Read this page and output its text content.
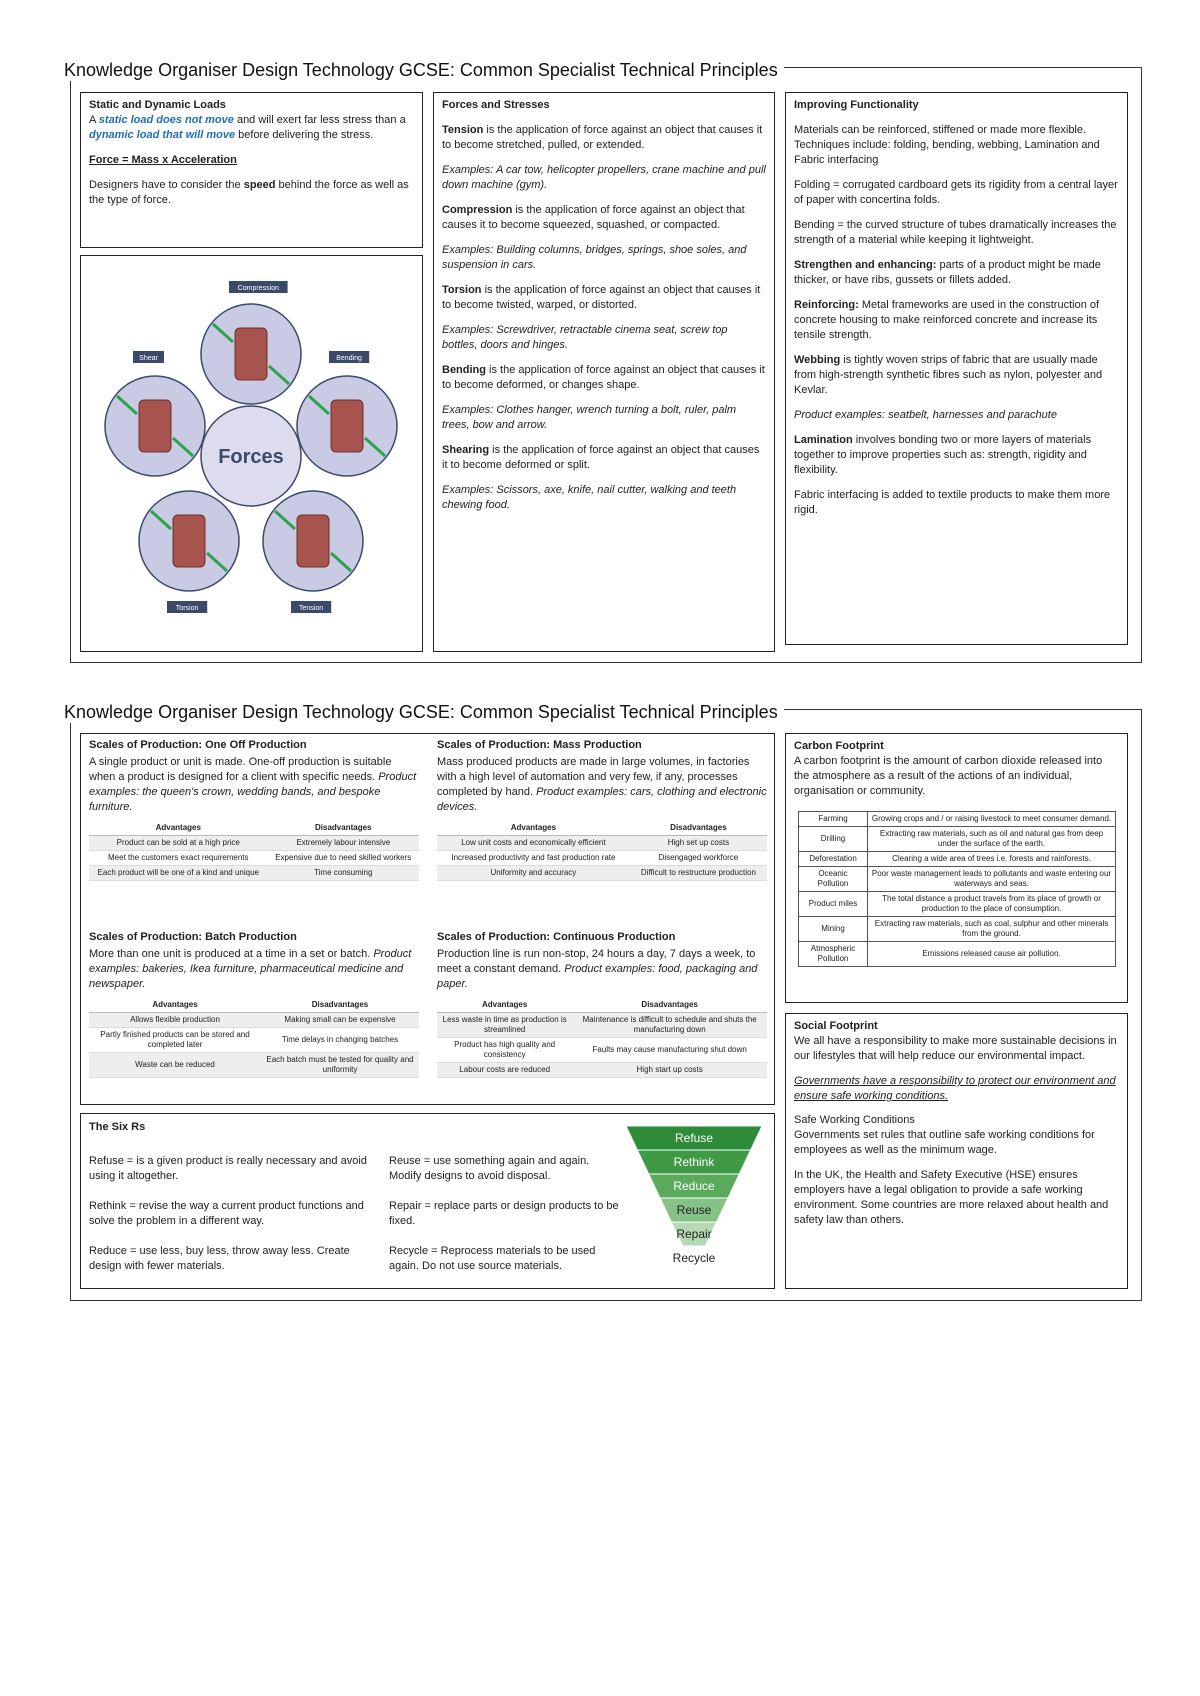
Knowledge Organiser Design Technology GCSE: Common Specialist Technical Principles
Static and Dynamic Loads

A static load does not move and will exert far less stress than a dynamic load that will move before delivering the stress.

Force = Mass x Acceleration

Designers have to consider the speed behind the force as well as the type of force.

Forces
Compression
Bending
Tension
Torsion
Shear
Forces and Stresses

Tension is the application of force against an object that causes it to become stretched, pulled, or extended.

Examples: A car tow, helicopter propellers, crane machine and pull down machine (gym).

Compression is the application of force against an object that causes it to become squeezed, squashed, or compacted.

Examples: Building columns, bridges, springs, shoe soles, and suspension in cars.

Torsion is the application of force against an object that causes it to become twisted, warped, or distorted.

Examples: Screwdriver, retractable cinema seat, screw top bottles, doors and hinges.

Bending is the application of force against an object that causes it to become deformed, or changes shape.

Examples: Clothes hanger, wrench turning a bolt, ruler, palm trees, bow and arrow.

Shearing is the application of force against an object that causes it to become deformed or split.

Examples: Scissors, axe, knife, nail cutter, walking and teeth chewing food.

Improving Functionality

Materials can be reinforced, stiffened or made more flexible. Techniques include: folding, bending, webbing, Lamination and Fabric interfacing

Folding = corrugated cardboard gets its rigidity from a central layer of paper with concertina folds.

Bending = the curved structure of tubes dramatically increases the strength of a material while keeping it lightweight.

Strengthen and enhancing: parts of a product might be made thicker, or have ribs, gussets or fillets added.

Reinforcing: Metal frameworks are used in the construction of concrete housing to make reinforced concrete and increase its tensile strength.

Webbing is tightly woven strips of fabric that are usually made from high-strength synthetic fibres such as nylon, polyester and Kevlar.

Product examples: seatbelt, harnesses and parachute

Lamination involves bonding two or more layers of materials together to improve properties such as: strength, rigidity and flexibility.

Fabric interfacing is added to textile products to make them more rigid.

Knowledge Organiser Design Technology GCSE: Common Specialist Technical Principles
Scales of Production: One Off Production

A single product or unit is made. One-off production is suitable when a product is designed for a client with specific needs. Product examples: the queen's crown, wedding bands, and bespoke furniture.

Advantages	Disadvantages
Product can be sold at a high price	Extremely labour intensive
Meet the customers exact requirements	Expensive due to need skilled workers
Each product will be one of a kind and unique	Time consuming
Scales of Production: Mass Production

Mass produced products are made in large volumes, in factories with a high level of automation and very few, if any, processes completed by hand. Product examples: cars, clothing and electronic devices.

Advantages	Disadvantages
Low unit costs and economically efficient	High set up costs
Increased productivity and fast production rate	Disengaged workforce
Uniformity and accuracy	Difficult to restructure production
Scales of Production: Batch Production

More than one unit is produced at a time in a set or batch. Product examples: bakeries, Ikea furniture, pharmaceutical medicine and newspaper.

Advantages	Disadvantages
Allows flexible production	Making small can be expensive
Partly finished products can be stored and completed later	Time delays in changing batches
Waste can be reduced	Each batch must be tested for quality and uniformity
Scales of Production: Continuous Production

Production line is run non-stop, 24 hours a day, 7 days a week, to meet a constant demand. Product examples: food, packaging and paper.

Advantages	Disadvantages
Less waste in time as production is streamlined	Maintenance is difficult to schedule and shuts the manufacturing down
Product has high quality and consistency	Faults may cause manufacturing shut down
Labour costs are reduced	High start up costs
The Six Rs

Refuse = is a given product is really necessary and avoid using it altogether.

Rethink = revise the way a current product functions and solve the problem in a different way.

Reduce = use less, buy less, throw away less. Create design with fewer materials.

Reuse = use something again and again. Modify designs to avoid disposal.

Repair = replace parts or design products to be fixed.

Recycle = Reprocess materials to be used again. Do not use source materials.

Refuse
Rethink
Reduce
Reuse
Repair
Recycle
Carbon Footprint

A carbon footprint is the amount of carbon dioxide released into the atmosphere as a result of the actions of an individual, organisation or community.

Farming	Growing crops and / or raising livestock to meet consumer demand.
Drilling	Extracting raw materials, such as oil and natural gas from deep under the surface of the earth.
Deforestation	Clearing a wide area of trees i.e. forests and rainforests.
Oceanic Pollution	Poor waste management leads to pollutants and waste entering our waterways and seas.
Product miles	The total distance a product travels from its place of growth or production to the place of consumption.
Mining	Extracting raw materials, such as coal, sulphur and other minerals from the ground.
Atmospheric Pollution	Emissions released cause air pollution.
Social Footprint

We all have a responsibility to make more sustainable decisions in our lifestyles that will help reduce our environmental impact.

Governments have a responsibility to protect our environment and ensure safe working conditions.

Safe Working Conditions

Governments set rules that outline safe working conditions for employees as well as the minimum wage.

In the UK, the Health and Safety Executive (HSE) ensures employers have a legal obligation to provide a safe working environment. Some countries are more relaxed about health and safety law than others.
